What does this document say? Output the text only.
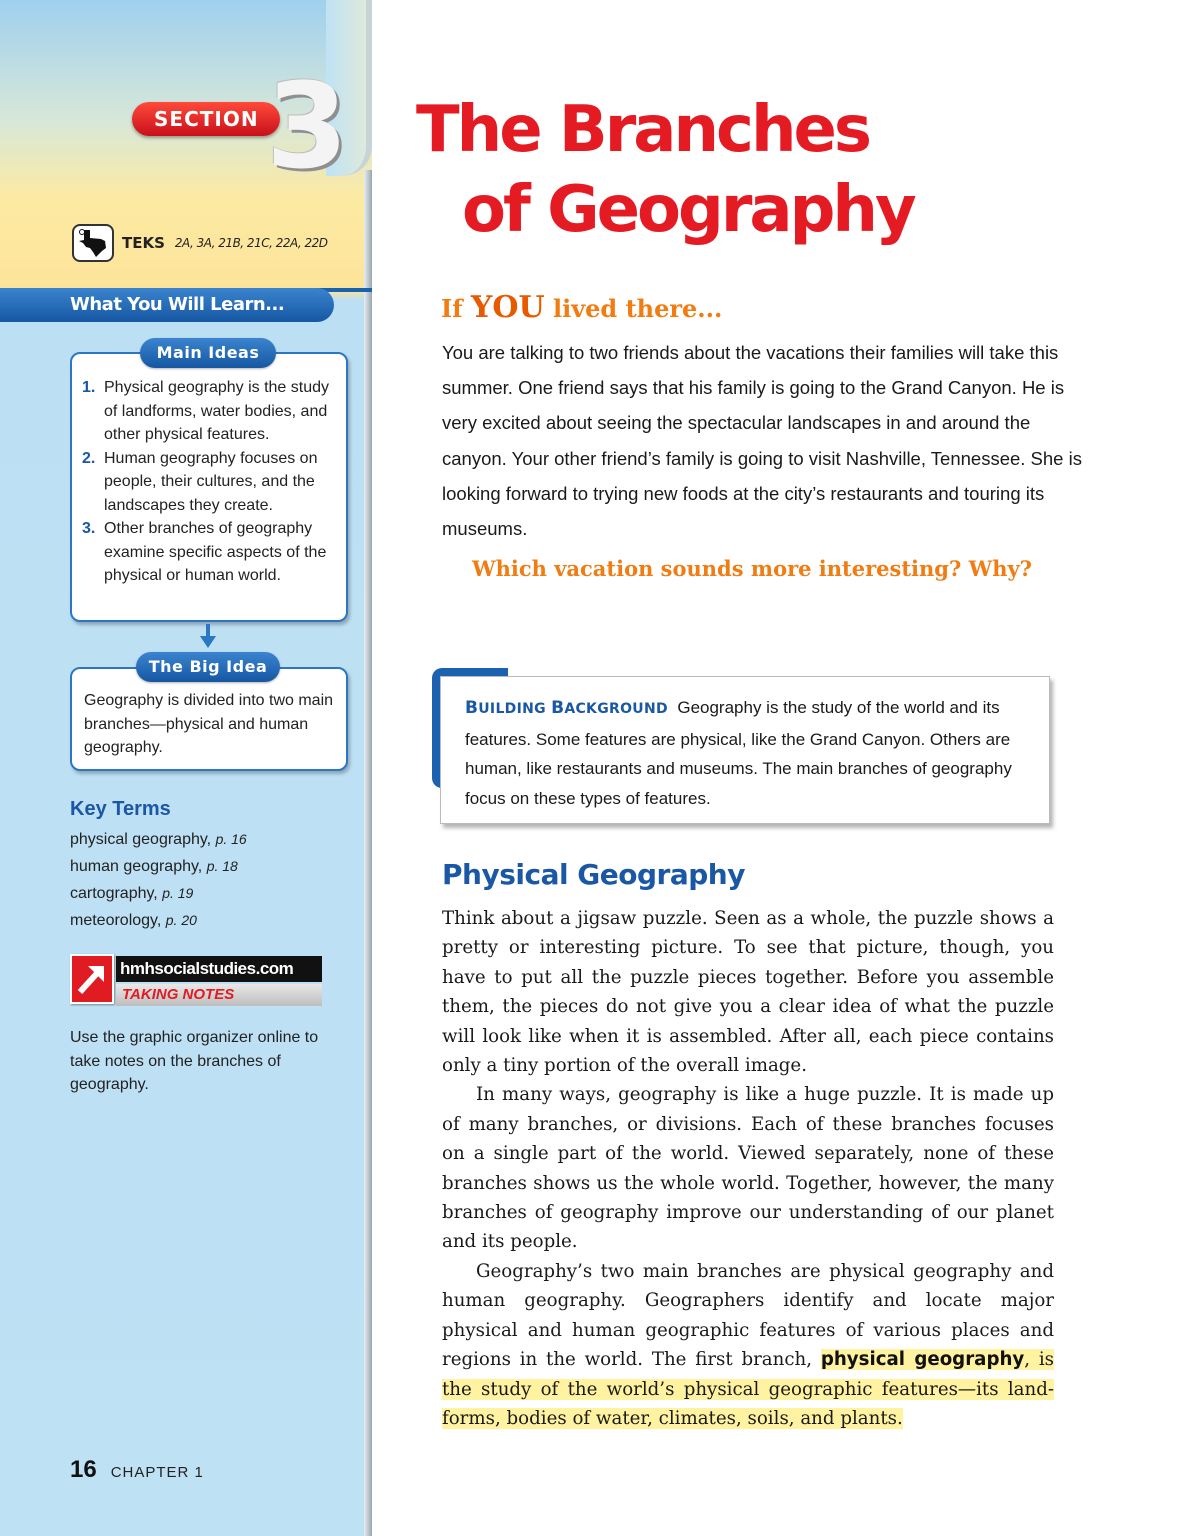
SECTION 3
TEKS 2A, 3A, 21B, 21C, 22A, 22D
What You Will Learn...
1. Physical geography is the study of landforms, water bodies, and other physical features.
2. Human geography focuses on people, their cultures, and the landscapes they create.
3. Other branches of geography examine specific aspects of the physical or human world.
Main Ideas
Geography is divided into two main branches—physical and human geography.
The Big Idea
Key Terms
physical geography, p. 16
human geography, p. 18
cartography, p. 19
meteorology, p. 20
hmhsocialstudies.com
TAKING NOTES
Use the graphic organizer online to take notes on the branches of geography.
16 CHAPTER 1
The Branches
of Geography
If YOU lived there...
You are talking to two friends about the vacations their families will take this summer. One friend says that his family is going to the Grand Canyon. He is very excited about seeing the spectacular landscapes in and around the canyon. Your other friend’s family is going to visit Nashville, Tennessee. She is looking forward to trying new foods at the city’s restaurants and touring its museums.
Which vacation sounds more interesting? Why?
BUILDING BACKGROUND Geography is the study of the world and its features. Some features are physical, like the Grand Canyon. Others are human, like restaurants and museums. The main branches of geography focus on these types of features.
Physical Geography

Think about a jigsaw puzzle. Seen as a whole, the puzzle shows a pretty or interesting picture. To see that picture, though, you have to put all the puzzle pieces together. Before you assemble them, the pieces do not give you a clear idea of what the puzzle will look like when it is assembled. After all, each piece contains only a tiny portion of the overall image.

In many ways, geography is like a huge puzzle. It is made up of many branches, or divisions. Each of these branches focuses on a single part of the world. Viewed separately, none of these branches shows us the whole world. Together, however, the many branches of geography improve our understanding of our planet and its people.

Geography’s two main branches are physical geography and human geography. Geographers identify and locate major physical and human geographic features of various places and regions in the world. The first branch, physical geography, is the study of the world’s physical geographic features—its land-forms, bodies of water, climates, soils, and plants.
